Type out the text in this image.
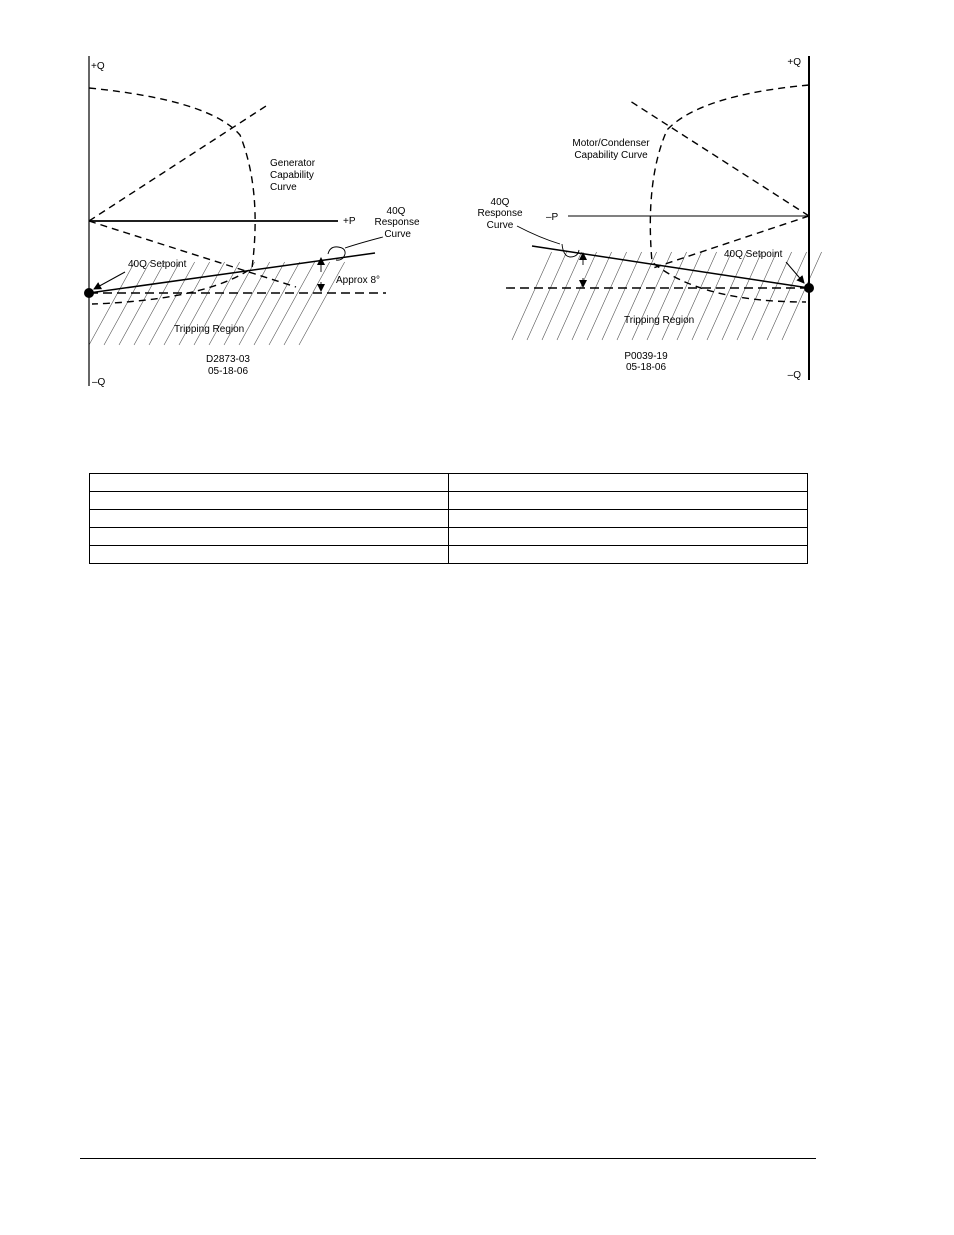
+Q
–Q
+P
Generator
Capability
Curve
40Q
Response
Curve
40Q Setpoint
Approx 8°
Tripping Region
D2873-03
05-18-06
+Q
–Q
–P
Motor/Condenser
Capability Curve
40Q
Response
Curve
40Q Setpoint
Tripping Region
P0039-19
05-18-06
